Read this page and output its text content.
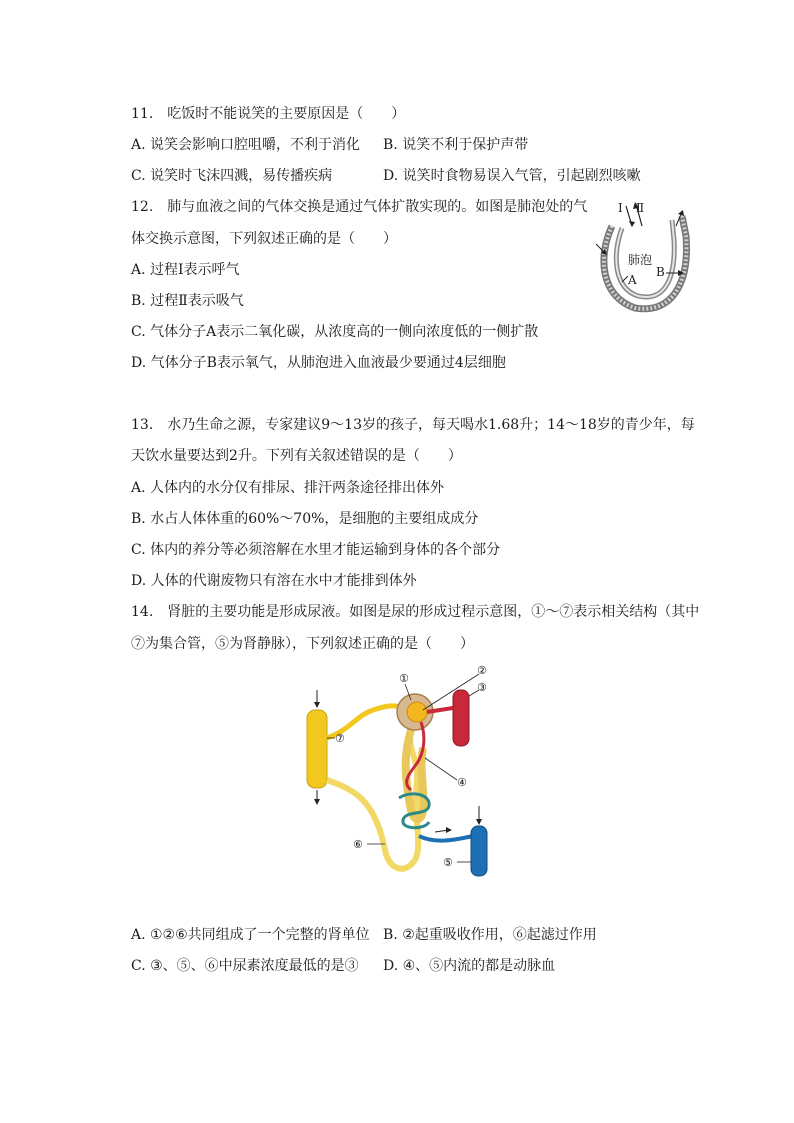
11.　吃饭时不能说笑的主要原因是（　　）
A. 说笑会影响口腔咀嚼，不利于消化 B. 说笑不利于保护声带
C. 说笑时飞沫四溅，易传播疾病	D. 说笑时食物易误入气管，引起剧烈咳嗽
12.　肺与血液之间的气体交换是通过气体扩散实现的。如图是肺泡处的气
体交换示意图，下列叙述正确的是（　　）
A. 过程Ⅰ表示呼气
B. 过程Ⅱ表示吸气
C. 气体分子A表示二氧化碳，从浓度高的一侧向浓度低的一侧扩散
D. 气体分子B表示氧气，从肺泡进入血液最少要通过4层细胞
Ⅰ Ⅱ
肺泡
A
B
13.　水乃生命之源，专家建议9～13岁的孩子，每天喝水1.68升；14～18岁的青少年，每
天饮水量要达到2升。下列有关叙述错误的是（　　）
A. 人体内的水分仅有排尿、排汗两条途径排出体外
B. 水占人体体重的60%～70%，是细胞的主要组成成分
C. 体内的养分等必须溶解在水里才能运输到身体的各个部分
D. 人体的代谢废物只有溶在水中才能排到体外
14.　肾脏的主要功能是形成尿液。如图是尿的形成过程示意图，①～⑦表示相关结构（其中
⑦为集合管，⑤为肾静脉），下列叙述正确的是（　　）
①
②
③
④
⑤
⑥
⑦
A. ①②⑥共同组成了一个完整的肾单位 B. ②起重吸收作用，⑥起滤过作用
C. ③、⑤、⑥中尿素浓度最低的是③ D. ④、⑤内流的都是动脉血
